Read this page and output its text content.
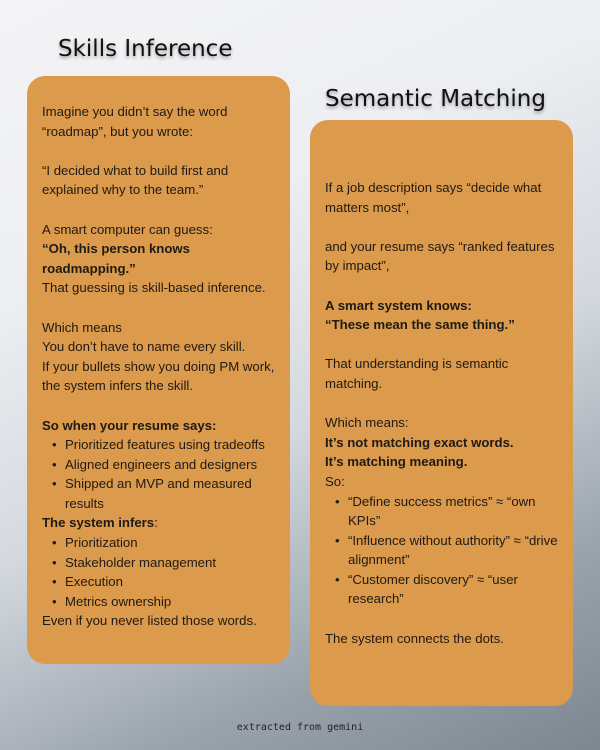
Skills Inference
Semantic Matching

Imagine you didn’t say the word “roadmap”, but you wrote:

“I decided what to build first and explained why to the team.”

A smart computer can guess:

“Oh, this person knows roadmapping.”

That guessing is skill-based inference.

Which means

You don’t have to name every skill.

If your bullets show you doing PM work, the system infers the skill.

So when your resume says:

• Prioritized features using tradeoffs
• Aligned engineers and designers
• Shipped an MVP and measured results

The system infers:

• Prioritization
• Stakeholder management
• Execution
• Metrics ownership

Even if you never listed those words.

If a job description says “decide what matters most”,

and your resume says “ranked features by impact”,

A smart system knows:

“These mean the same thing.”

That understanding is semantic matching.

Which means:

It’s not matching exact words.

It’s matching meaning.

So:

• “Define success metrics” ≈ “own KPIs”
• “Influence without authority” ≈ “drive alignment”
• “Customer discovery” ≈ “user research”

The system connects the dots.

extracted from gemini
